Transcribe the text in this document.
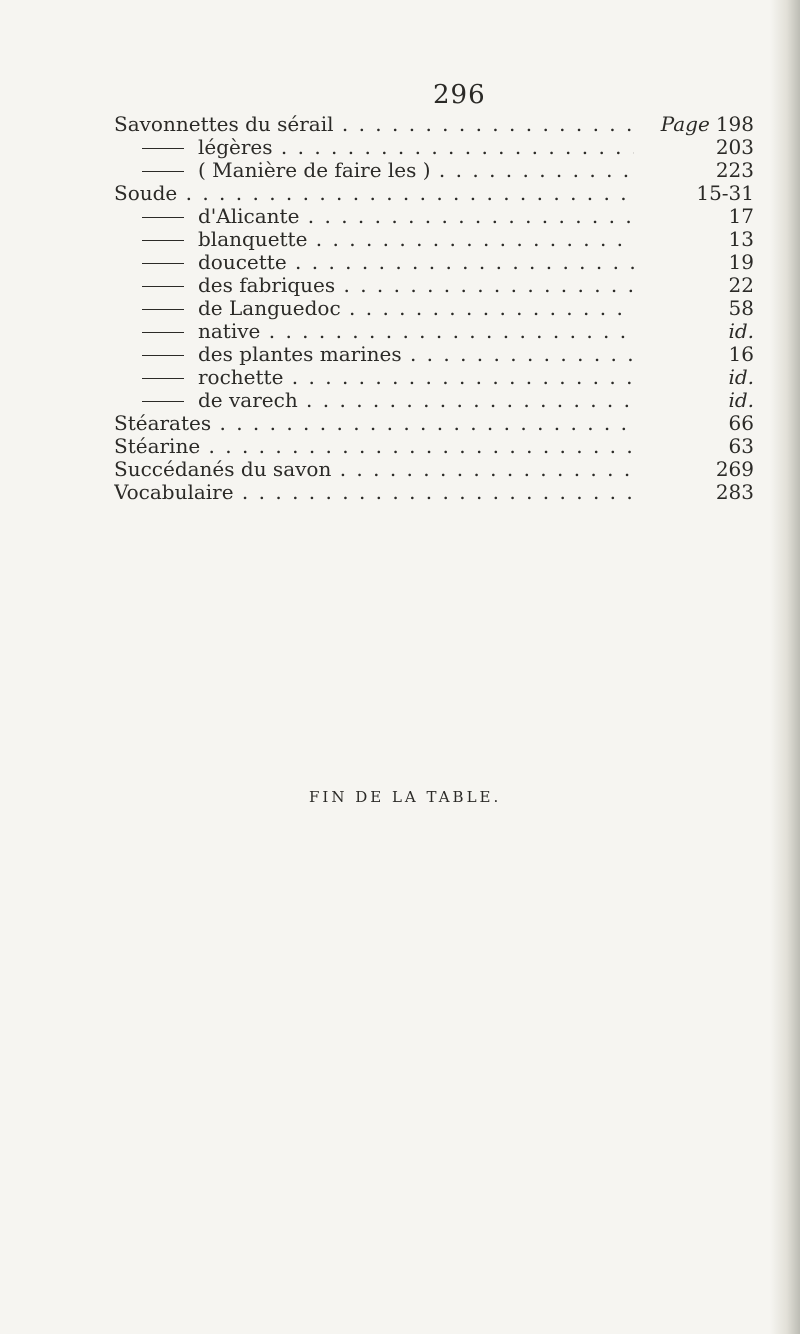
296
Savonnettes du sérail . . .	Page 198
légères . . .	203
( Manière de faire les ) . . .	223
Soude . . .	15-31
d'Alicante . . .	17
blanquette . . .	13
doucette . . .	19
des fabriques . . .	22
de Languedoc . . .	58
native . . .	id.
des plantes marines . . .	16
rochette . . .	id.
de varech . . .	id.
Stéarates . . .	66
Stéarine . . .	63
Succédanés du savon . . .	269
Vocabulaire . . .	283
FIN DE LA TABLE.
